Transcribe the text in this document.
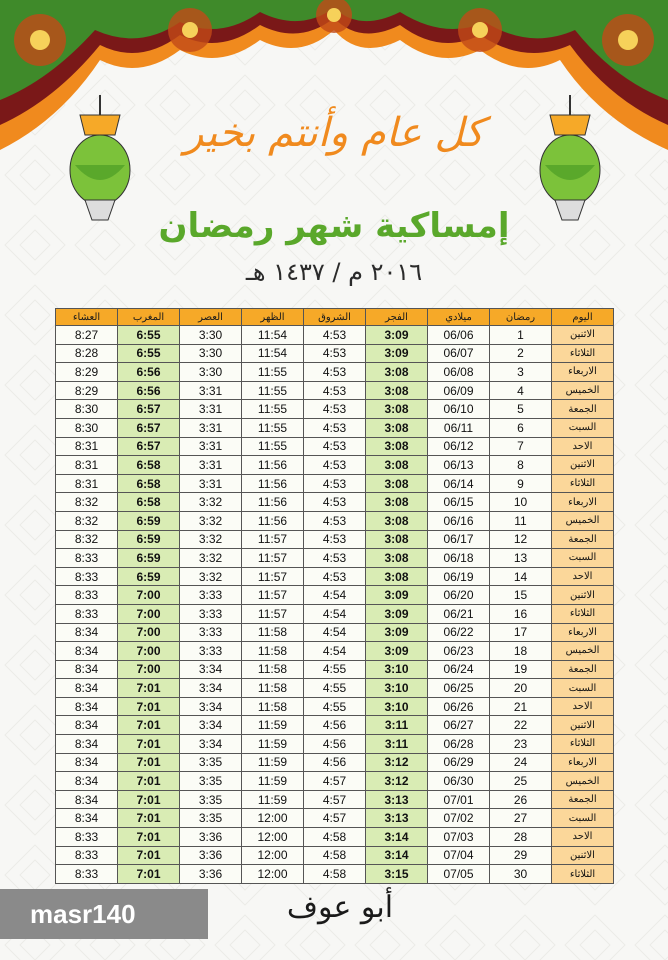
كل عام وأنتم بخير
إمساكية شهر رمضان
٢٠١٦ م / ١٤٣٧ هـ
العشاء	المغرب	العصر	الظهر	الشروق	الفجر	ميلادي	رمضان	اليوم
8:27	6:55	3:30	11:54	4:53	3:09	06/06	1	الاثنين
8:28	6:55	3:30	11:54	4:53	3:09	06/07	2	الثلاثاء
8:29	6:56	3:30	11:55	4:53	3:08	06/08	3	الاربعاء
8:29	6:56	3:31	11:55	4:53	3:08	06/09	4	الخميس
8:30	6:57	3:31	11:55	4:53	3:08	06/10	5	الجمعة
8:30	6:57	3:31	11:55	4:53	3:08	06/11	6	السبت
8:31	6:57	3:31	11:55	4:53	3:08	06/12	7	الاحد
8:31	6:58	3:31	11:56	4:53	3:08	06/13	8	الاثنين
8:31	6:58	3:31	11:56	4:53	3:08	06/14	9	الثلاثاء
8:32	6:58	3:32	11:56	4:53	3:08	06/15	10	الاربعاء
8:32	6:59	3:32	11:56	4:53	3:08	06/16	11	الخميس
8:32	6:59	3:32	11:57	4:53	3:08	06/17	12	الجمعة
8:33	6:59	3:32	11:57	4:53	3:08	06/18	13	السبت
8:33	6:59	3:32	11:57	4:53	3:08	06/19	14	الاحد
8:33	7:00	3:33	11:57	4:54	3:09	06/20	15	الاثنين
8:33	7:00	3:33	11:57	4:54	3:09	06/21	16	الثلاثاء
8:34	7:00	3:33	11:58	4:54	3:09	06/22	17	الاربعاء
8:34	7:00	3:33	11:58	4:54	3:09	06/23	18	الخميس
8:34	7:00	3:34	11:58	4:55	3:10	06/24	19	الجمعة
8:34	7:01	3:34	11:58	4:55	3:10	06/25	20	السبت
8:34	7:01	3:34	11:58	4:55	3:10	06/26	21	الاحد
8:34	7:01	3:34	11:59	4:56	3:11	06/27	22	الاثنين
8:34	7:01	3:34	11:59	4:56	3:11	06/28	23	الثلاثاء
8:34	7:01	3:35	11:59	4:56	3:12	06/29	24	الاربعاء
8:34	7:01	3:35	11:59	4:57	3:12	06/30	25	الخميس
8:34	7:01	3:35	11:59	4:57	3:13	07/01	26	الجمعة
8:34	7:01	3:35	12:00	4:57	3:13	07/02	27	السبت
8:33	7:01	3:36	12:00	4:58	3:14	07/03	28	الاحد
8:33	7:01	3:36	12:00	4:58	3:14	07/04	29	الاثنين
8:33	7:01	3:36	12:00	4:58	3:15	07/05	30	الثلاثاء
masr140	أبو عوف
